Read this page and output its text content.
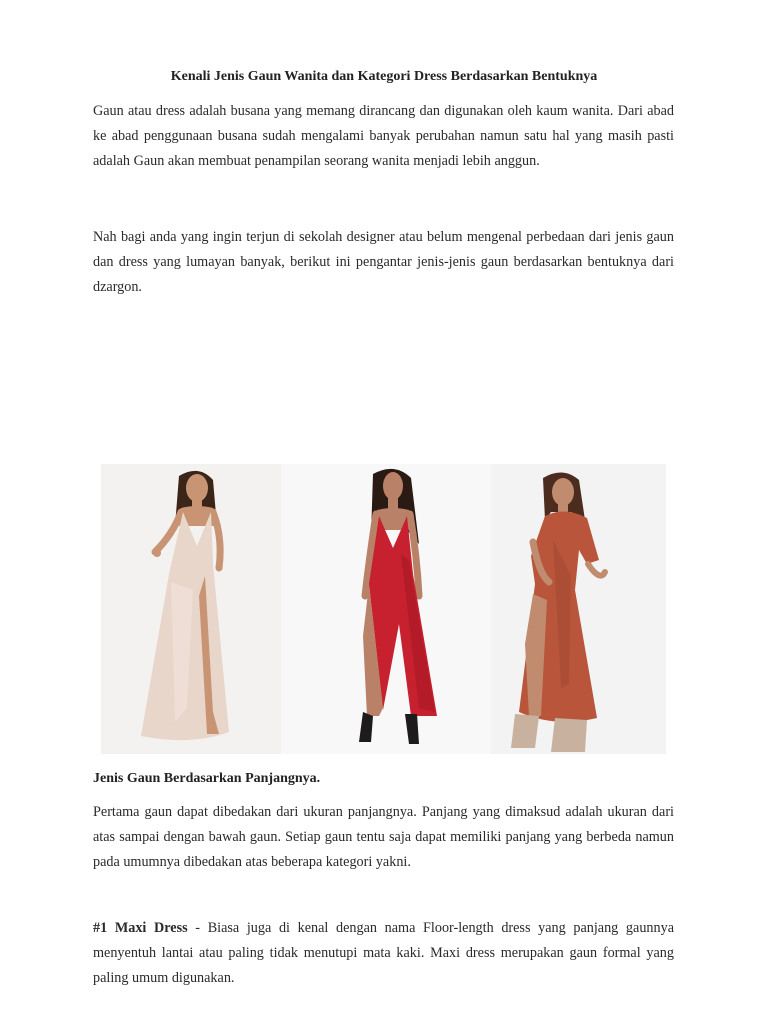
Kenali Jenis Gaun Wanita dan Kategori Dress Berdasarkan Bentuknya

Gaun atau dress adalah busana yang memang dirancang dan digunakan oleh kaum wanita. Dari abad ke abad penggunaan busana sudah mengalami banyak perubahan namun satu hal yang masih pasti adalah Gaun akan membuat penampilan seorang wanita menjadi lebih anggun.

Nah bagi anda yang ingin terjun di sekolah designer atau belum mengenal perbedaan dari jenis gaun dan dress yang lumayan banyak, berikut ini pengantar jenis-jenis gaun berdasarkan bentuknya dari dzargon.

Jenis Gaun Berdasarkan Panjangnya.

Pertama gaun dapat dibedakan dari ukuran panjangnya. Panjang yang dimaksud adalah ukuran dari atas sampai dengan bawah gaun. Setiap gaun tentu saja dapat memiliki panjang yang berbeda namun pada umumnya dibedakan atas beberapa kategori yakni.

#1 Maxi Dress - Biasa juga di kenal dengan nama Floor-length dress yang panjang gaunnya menyentuh lantai atau paling tidak menutupi mata kaki. Maxi dress merupakan gaun formal yang paling umum digunakan.
